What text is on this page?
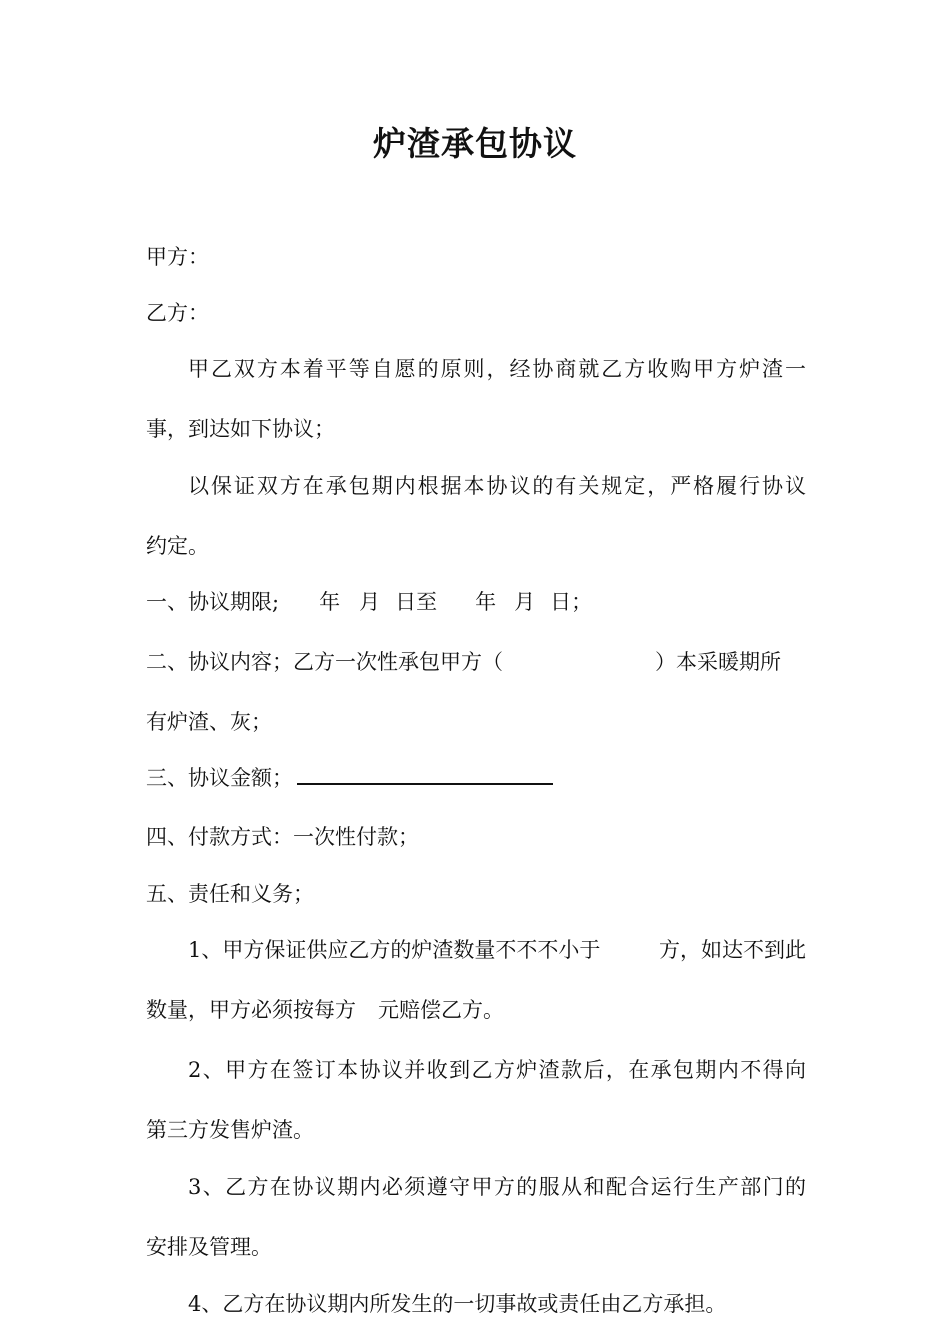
炉渣承包协议
甲方：
乙方：
甲乙双方本着平等自愿的原则，经协商就乙方收购甲方炉渣一
事，到达如下协议；
以保证双方在承包期内根据本协议的有关规定，严格履行协议
约定。
一、协议期限; 年 月 日至 年 月 日；
二、协议内容；乙方一次性承包甲方（	）本采暖期所
有炉渣、灰；
三、协议金额；
四、付款方式：一次性付款；
五、责任和义务；
1、甲方保证供应乙方的炉渣数量不不不小于	方，如达不到此
数量，甲方必须按每方 元赔偿乙方。
2、甲方在签订本协议并收到乙方炉渣款后，在承包期内不得向
第三方发售炉渣。
3、乙方在协议期内必须遵守甲方的服从和配合运行生产部门的
安排及管理。
4、乙方在协议期内所发生的一切事故或责任由乙方承担。
